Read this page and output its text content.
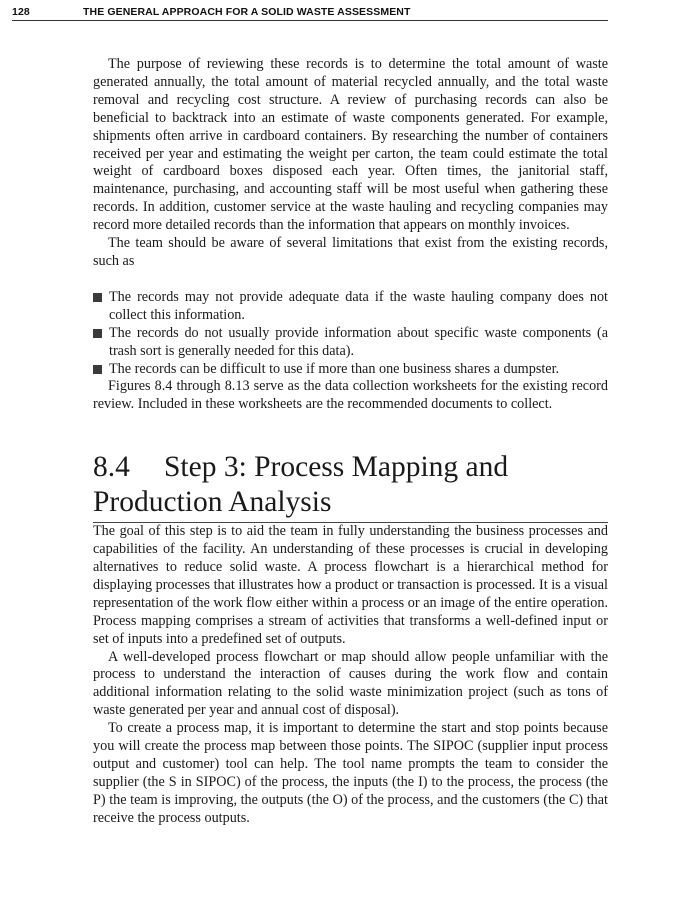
128	THE GENERAL APPROACH FOR A SOLID WASTE ASSESSMENT

The purpose of reviewing these records is to determine the total amount of waste generated annually, the total amount of material recycled annually, and the total waste removal and recycling cost structure. A review of purchasing records can also be beneficial to backtrack into an estimate of waste components generated. For example, shipments often arrive in cardboard containers. By researching the number of containers received per year and estimating the weight per carton, the team could estimate the total weight of cardboard boxes disposed each year. Often times, the janitorial staff, maintenance, purchasing, and accounting staff will be most useful when gathering these records. In addition, customer service at the waste hauling and recycling companies may record more detailed records than the information that appears on monthly invoices.

The team should be aware of several limitations that exist from the existing records, such as

The records may not provide adequate data if the waste hauling company does not collect this information.
The records do not usually provide information about specific waste components (a trash sort is generally needed for this data).
The records can be difficult to use if more than one business shares a dumpster.

Figures 8.4 through 8.13 serve as the data collection worksheets for the existing record review. Included in these worksheets are the recommended documents to collect.

8.4 Step 3: Process Mapping and
Production Analysis

The goal of this step is to aid the team in fully understanding the business processes and capabilities of the facility. An understanding of these processes is crucial in developing alternatives to reduce solid waste. A process flowchart is a hierarchical method for displaying processes that illustrates how a product or transaction is processed. It is a visual representation of the work flow either within a process or an image of the entire operation. Process mapping comprises a stream of activities that transforms a well-defined input or set of inputs into a predefined set of outputs.

A well-developed process flowchart or map should allow people unfamiliar with the process to understand the interaction of causes during the work flow and contain additional information relating to the solid waste minimization project (such as tons of waste generated per year and annual cost of disposal).

To create a process map, it is important to determine the start and stop points because you will create the process map between those points. The SIPOC (supplier input process output and customer) tool can help. The tool name prompts the team to consider the supplier (the S in SIPOC) of the process, the inputs (the I) to the process, the process (the P) the team is improving, the outputs (the O) of the process, and the customers (the C) that receive the process outputs.
